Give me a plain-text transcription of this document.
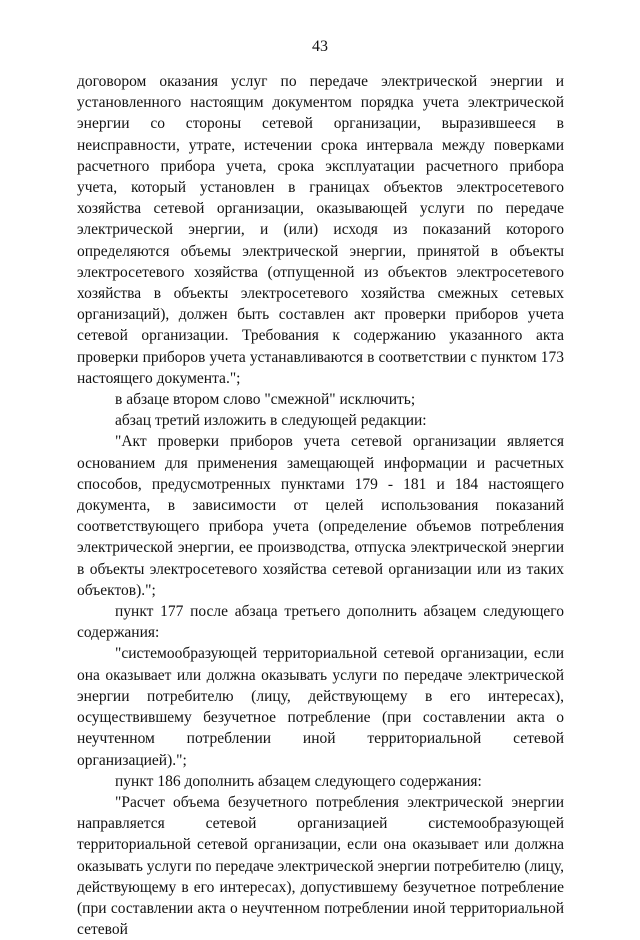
43

договором оказания услуг по передаче электрической энергии и установленного настоящим документом порядка учета электрической энергии со стороны сетевой организации, выразившееся в неисправности, утрате, истечении срока интервала между поверками расчетного прибора учета, срока эксплуатации расчетного прибора учета, который установлен в границах объектов электросетевого хозяйства сетевой организации, оказывающей услуги по передаче электрической энергии, и (или) исходя из показаний которого определяются объемы электрической энергии, принятой в объекты электросетевого хозяйства (отпущенной из объектов электросетевого хозяйства в объекты электросетевого хозяйства смежных сетевых организаций), должен быть составлен акт проверки приборов учета сетевой организации. Требования к содержанию указанного акта проверки приборов учета устанавливаются в соответствии с пунктом 173 настоящего документа.";

в абзаце втором слово "смежной" исключить;

абзац третий изложить в следующей редакции:

"Акт проверки приборов учета сетевой организации является основанием для применения замещающей информации и расчетных способов, предусмотренных пунктами 179 - 181 и 184 настоящего документа, в зависимости от целей использования показаний соответствующего прибора учета (определение объемов потребления электрической энергии, ее производства, отпуска электрической энергии в объекты электросетевого хозяйства сетевой организации или из таких объектов).";

пункт 177 после абзаца третьего дополнить абзацем следующего содержания:

"системообразующей территориальной сетевой организации, если она оказывает или должна оказывать услуги по передаче электрической энергии потребителю (лицу, действующему в его интересах), осуществившему безучетное потребление (при составлении акта о неучтенном потреблении иной территориальной сетевой организацией).";

пункт 186 дополнить абзацем следующего содержания:

"Расчет объема безучетного потребления электрической энергии направляется сетевой организацией системообразующей территориальной сетевой организации, если она оказывает или должна оказывать услуги по передаче электрической энергии потребителю (лицу, действующему в его интересах), допустившему безучетное потребление (при составлении акта о неучтенном потреблении иной территориальной сетевой
